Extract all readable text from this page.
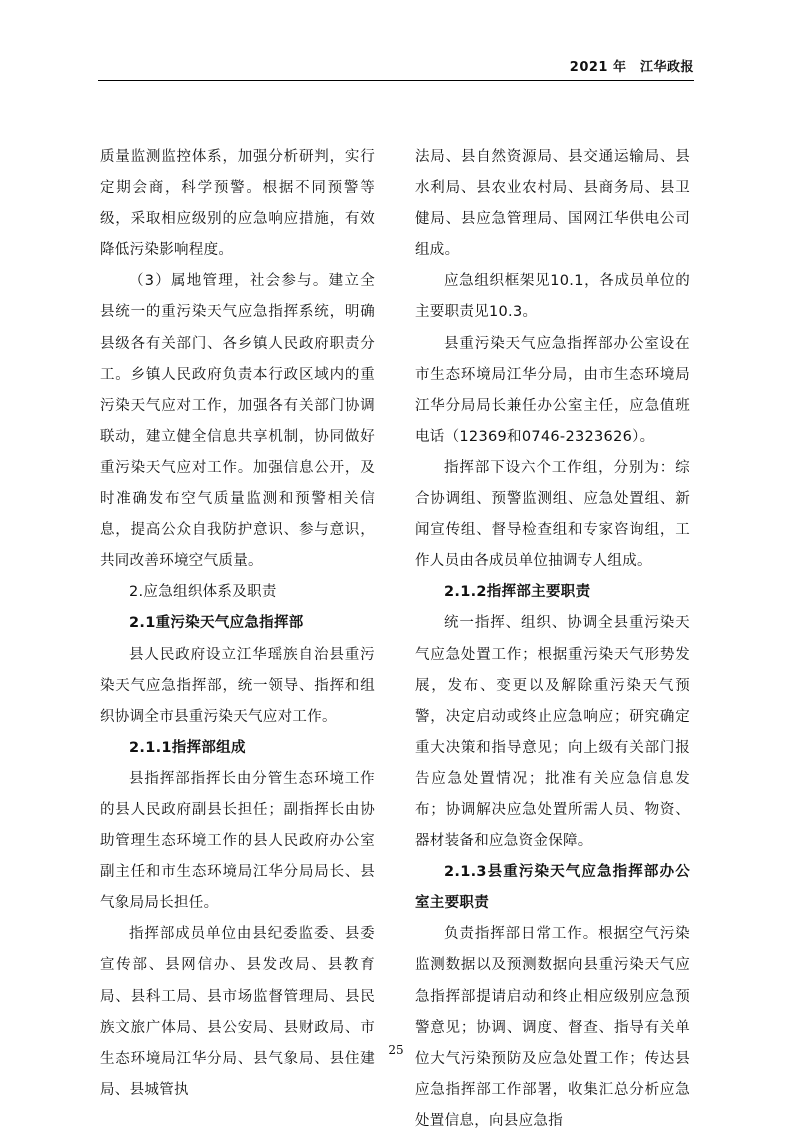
2021 年　江华政报

质量监测监控体系，加强分析研判，实行定期会商，科学预警。根据不同预警等级，采取相应级别的应急响应措施，有效降低污染影响程度。

（3）属地管理，社会参与。建立全县统一的重污染天气应急指挥系统，明确县级各有关部门、各乡镇人民政府职责分工。乡镇人民政府负责本行政区域内的重污染天气应对工作，加强各有关部门协调联动，建立健全信息共享机制，协同做好重污染天气应对工作。加强信息公开，及时准确发布空气质量监测和预警相关信息，提高公众自我防护意识、参与意识，共同改善环境空气质量。

2.应急组织体系及职责

2.1重污染天气应急指挥部

县人民政府设立江华瑶族自治县重污染天气应急指挥部，统一领导、指挥和组织协调全市县重污染天气应对工作。

2.1.1指挥部组成

县指挥部指挥长由分管生态环境工作的县人民政府副县长担任；副指挥长由协助管理生态环境工作的县人民政府办公室副主任和市生态环境局江华分局局长、县气象局局长担任。

指挥部成员单位由县纪委监委、县委宣传部、县网信办、县发改局、县教育局、县科工局、县市场监督管理局、县民族文旅广体局、县公安局、县财政局、市生态环境局江华分局、县气象局、县住建局、县城管执

法局、县自然资源局、县交通运输局、县水利局、县农业农村局、县商务局、县卫健局、县应急管理局、国网江华供电公司组成。

应急组织框架见10.1，各成员单位的主要职责见10.3。

县重污染天气应急指挥部办公室设在市生态环境局江华分局，由市生态环境局江华分局局长兼任办公室主任，应急值班电话（12369和0746-2323626）。

指挥部下设六个工作组，分别为：综合协调组、预警监测组、应急处置组、新闻宣传组、督导检查组和专家咨询组，工作人员由各成员单位抽调专人组成。

2.1.2指挥部主要职责

统一指挥、组织、协调全县重污染天气应急处置工作；根据重污染天气形势发展，发布、变更以及解除重污染天气预警，决定启动或终止应急响应；研究确定重大决策和指导意见；向上级有关部门报告应急处置情况；批准有关应急信息发布；协调解决应急处置所需人员、物资、器材装备和应急资金保障。

2.1.3县重污染天气应急指挥部办公室主要职责

负责指挥部日常工作。根据空气污染监测数据以及预测数据向县重污染天气应急指挥部提请启动和终止相应级别应急预警意见；协调、调度、督查、指导有关单位大气污染预防及应急处置工作；传达县应急指挥部工作部署，收集汇总分析应急处置信息，向县应急指

25
